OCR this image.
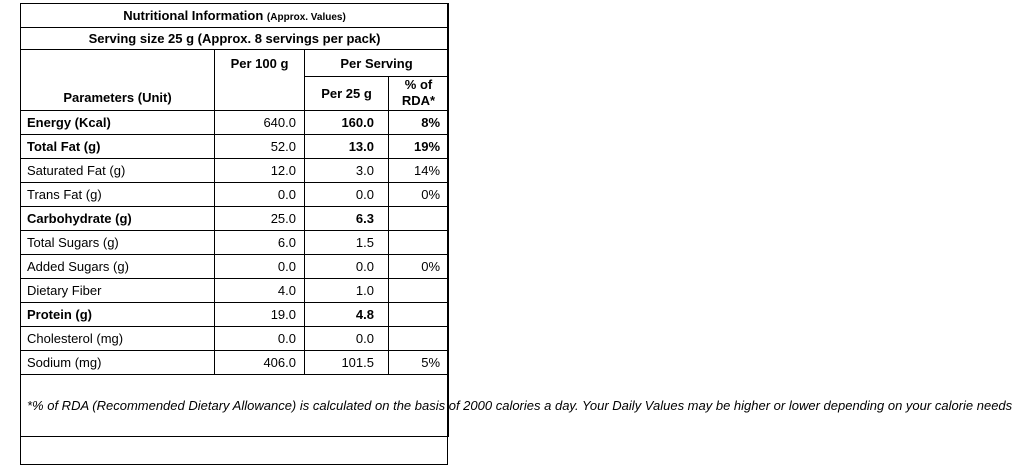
Nutritional Information (Approx. Values)			
Serving size 25 g (Approx. 8 servings per pack)			
Parameters (Unit)	Per 100 g	Per Serving	
		Per 25 g	% of
RDA*
Energy (Kcal)	640.0	160.0	8%
Total Fat (g)	52.0	13.0	19%
Saturated Fat (g)	12.0	3.0	14%
Trans Fat (g)	0.0	0.0	0%
Carbohydrate (g)	25.0	6.3	
Total Sugars (g)	6.0	1.5	
Added Sugars (g)	0.0	0.0	0%
Dietary Fiber	4.0	1.0	
Protein (g)	19.0	4.8	
Cholesterol (mg)	0.0	0.0	
Sodium (mg)	406.0	101.5	5%
*% of RDA (Recommended Dietary Allowance) is calculated on the basis of 2000 calories a day. Your Daily Values may be higher or lower depending on your calorie needs			
